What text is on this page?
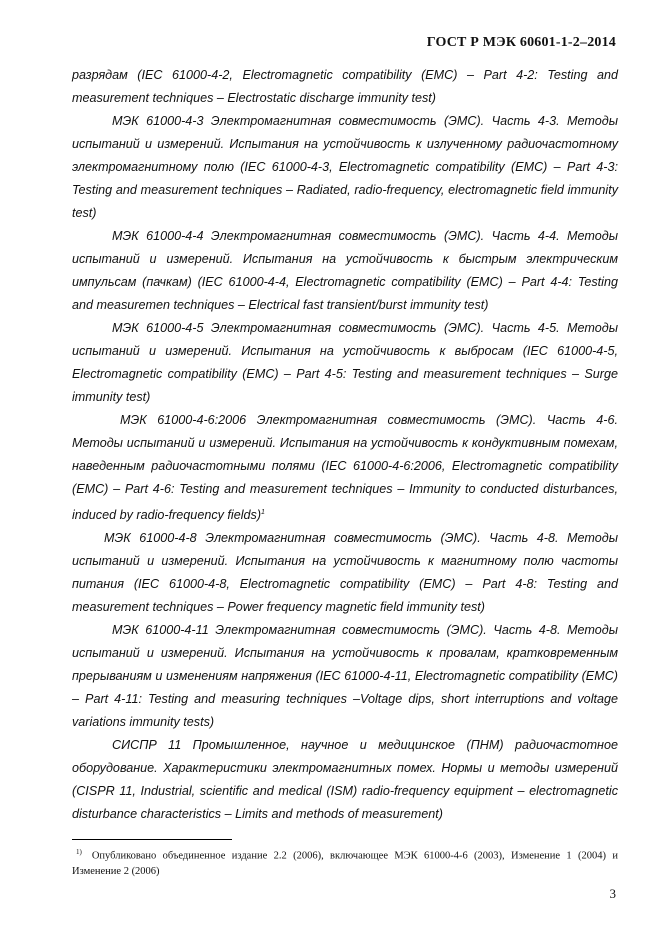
ГОСТ Р МЭК 60601-1-2–2014

разрядам (IEC 61000-4-2, Electromagnetic compatibility (EMC) – Part 4-2: Testing and measurement techniques – Electrostatic discharge immunity test)

МЭК 61000-4-3 Электромагнитная совместимость (ЭМС). Часть 4-3. Методы испытаний и измерений. Испытания на устойчивость к излученному радиочастотному электромагнитному полю (IEC 61000-4-3, Electromagnetic compatibility (EMC) – Part 4-3: Testing and measurement techniques – Radiated, radio-frequency, electromagnetic field immunity test)

МЭК 61000-4-4 Электромагнитная совместимость (ЭМС). Часть 4-4. Методы испытаний и измерений. Испытания на устойчивость к быстрым электрическим импульсам (пачкам) (IEC 61000-4-4, Electromagnetic compatibility (EMC) – Part 4-4: Testing and measuremen techniques – Electrical fast transient/burst immunity test)

МЭК 61000-4-5 Электромагнитная совместимость (ЭМС). Часть 4-5. Методы испытаний и измерений. Испытания на устойчивость к выбросам (IEC 61000-4-5, Electromagnetic compatibility (EMC) – Part 4-5: Testing and measurement techniques – Surge immunity test)

МЭК 61000-4-6:2006 Электромагнитная совместимость (ЭМС). Часть 4-6. Методы испытаний и измерений. Испытания на устойчивость к кондуктивным помехам, наведенным радиочастотными полями (IEC 61000-4-6:2006, Electromagnetic compatibility (EMC) – Part 4-6: Testing and measurement techniques – Immunity to conducted disturbances, induced by radio-frequency fields)$^1$

МЭК 61000-4-8 Электромагнитная совместимость (ЭМС). Часть 4-8. Методы испытаний и измерений. Испытания на устойчивость к магнитному полю частоты питания (IEC 61000-4-8, Electromagnetic compatibility (EMC) – Part 4-8: Testing and measurement techniques – Power frequency magnetic field immunity test)

МЭК 61000-4-11 Электромагнитная совместимость (ЭМС). Часть 4-8. Методы испытаний и измерений. Испытания на устойчивость к провалам, кратковременным прерываниям и изменениям напряжения (IEC 61000-4-11, Electromagnetic compatibility (EMC) – Part 4-11: Testing and measuring techniques –Voltage dips, short interruptions and voltage variations immunity tests)

СИСПР 11 Промышленное, научное и медицинское (ПНМ) радиочастотное оборудование. Характеристики электромагнитных помех. Нормы и методы измерений (CISPR 11, Industrial, scientific and medical (ISM) radio-frequency equipment – electromagnetic disturbance characteristics – Limits and methods of measurement)

$^{1)}$ Опубликовано объединенное издание 2.2 (2006), включающее МЭК 61000-4-6 (2003), Изменение 1 (2004) и Изменение 2 (2006)
3
